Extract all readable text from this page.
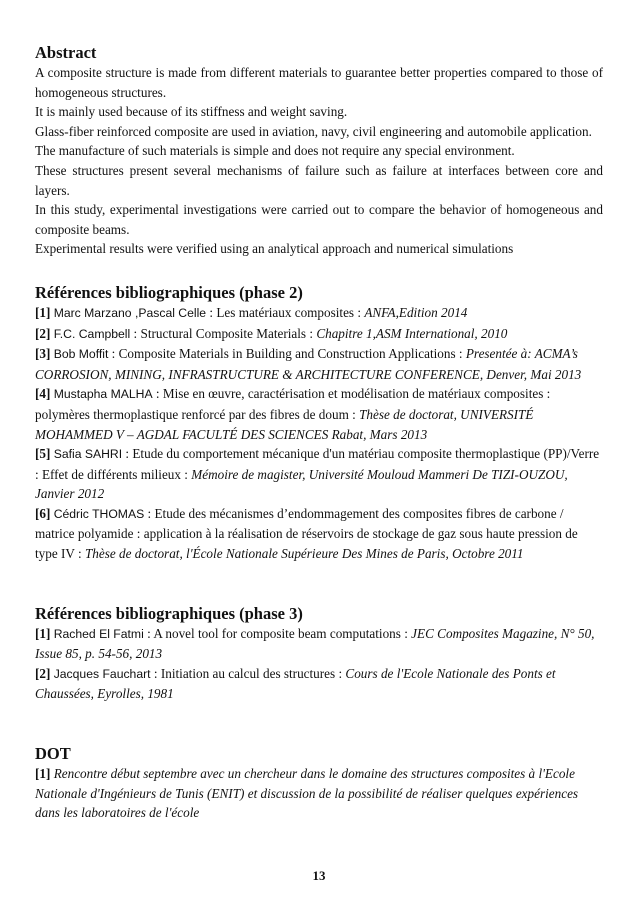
Abstract

A composite structure is made from different materials to guarantee better properties compared to those of homogeneous structures.

It is mainly used because of its stiffness and weight saving.

Glass-fiber reinforced composite are used in aviation, navy, civil engineering and automobile application.

The manufacture of such materials is simple and does not require any special environment.

These structures present several mechanisms of failure such as failure at interfaces between core and layers.

In this study, experimental investigations were carried out to compare the behavior of homogeneous and composite beams.

Experimental results were verified using an analytical approach and numerical simulations

Références bibliographiques (phase 2)

[1] Marc Marzano ,Pascal Celle : Les matériaux composites : ANFA,Edition 2014

[2] F.C. Campbell : Structural Composite Materials : Chapitre 1,ASM International, 2010

[3] Bob Moffit : Composite Materials in Building and Construction Applications : Presentée à: ACMA’s CORROSION, MINING, INFRASTRUCTURE & ARCHITECTURE CONFERENCE, Denver, Mai 2013

[4] Mustapha MALHA : Mise en œuvre, caractérisation et modélisation de matériaux composites : polymères thermoplastique renforcé par des fibres de doum : Thèse de doctorat, UNIVERSITÉ MOHAMMED V – AGDAL FACULTÉ DES SCIENCES Rabat, Mars 2013

[5] Safia SAHRI : Etude du comportement mécanique d'un matériau composite thermoplastique (PP)/Verre : Effet de différents milieux : Mémoire de magister, Université Mouloud Mammeri De TIZI-OUZOU, Janvier 2012

[6] Cédric THOMAS : Etude des mécanismes d’endommagement des composites fibres de carbone / matrice polyamide : application à la réalisation de réservoirs de stockage de gaz sous haute pression de type IV : Thèse de doctorat, l'École Nationale Supérieure Des Mines de Paris, Octobre 2011

Références bibliographiques (phase 3)

[1] Rached El Fatmi : A novel tool for composite beam computations : JEC Composites Magazine, N° 50, Issue 85, p. 54-56, 2013

[2] Jacques Fauchart : Initiation au calcul des structures : Cours de l'Ecole Nationale des Ponts et Chaussées, Eyrolles, 1981

DOT

[1] Rencontre début septembre avec un chercheur dans le domaine des structures composites à l'Ecole Nationale d'Ingénieurs de Tunis (ENIT) et discussion de la possibilité de réaliser quelques expériences dans les laboratoires de l'école

13
